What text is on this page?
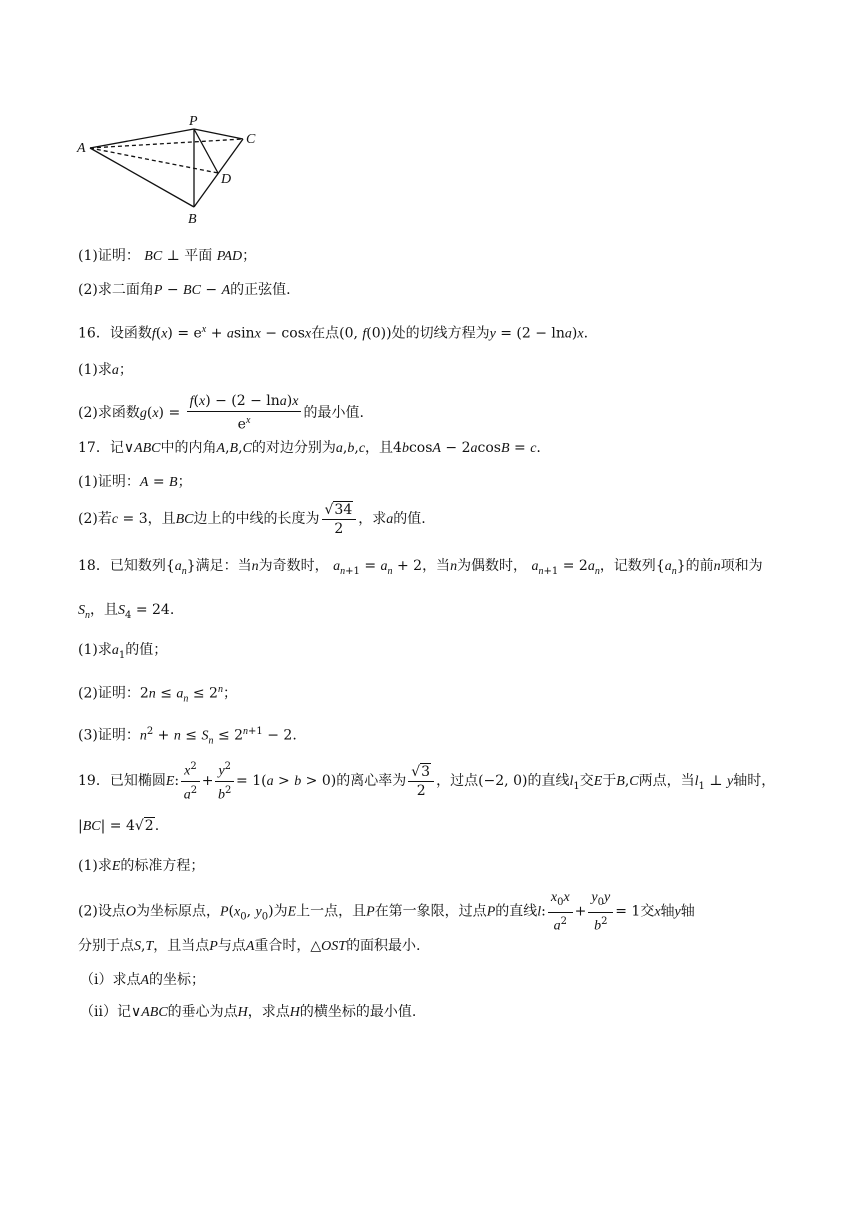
P
C
A
D
B
(1)证明： BC ⊥ 平面 PAD；
(2)求二面角P − BC − A的正弦值.
16．设函数$f(x) = e^x + asinx - \cos x$在点(0, f(0))处的切线方程为y = (2 − lna)x.
(1)求a；
(2)求函数$g(x) = \frac{f(x) - (2 - \ln a)x}{e^x}$ 的最小值.
17．记∨ABC中的内角A,B,C的对边分别为a,b,c，且4bcosA − 2acosB = c.
(1)证明：A = B；
(2)若c = 3，且BC边上的中线的长度为 $\frac{√34}{2}$ ，求a的值.
18．已知数列$\{a_n\}$满足：当n为奇数时， $a_{n+1} = a_n + 2$，当n为偶数时， $a_{n+1} = 2a_n$，记数列$\{a_n\}$的前n项和为
$S_n$，且$S_4 = 24$.
(1)求$a_1$的值；
(2)证明：$2n \le a_n \le 2^n$；
(3)证明：$n^2 + n \le S_n \le 2^{n+1} - 2$.
19．已知椭圆E: $\frac{x^2}{a^2} + \frac{y^2}{b^2} = 1(a > b > 0)$的离心率为 $\frac{√3}{2}$ ，过点(−2, 0)的直线$l_1$交E于B,C两点，当$l_1$ ⊥ y轴时，
|BC| = 4√2.
(1)求E的标准方程；
(2)设点O为坐标原点，$P(x_0$, $y_0$)为E上一点，且P在第一象限，过点P的直线l: $\frac{x_0x}{a^2} + \frac{y_0y}{b^2} = 1$交x轴y轴
分别于点S,T，且当点P与点A重合时，△OST的面积最小.
（ⅰ）求点A的坐标；
（ⅱ）记∨ABC的垂心为点H，求点H的横坐标的最小值.
